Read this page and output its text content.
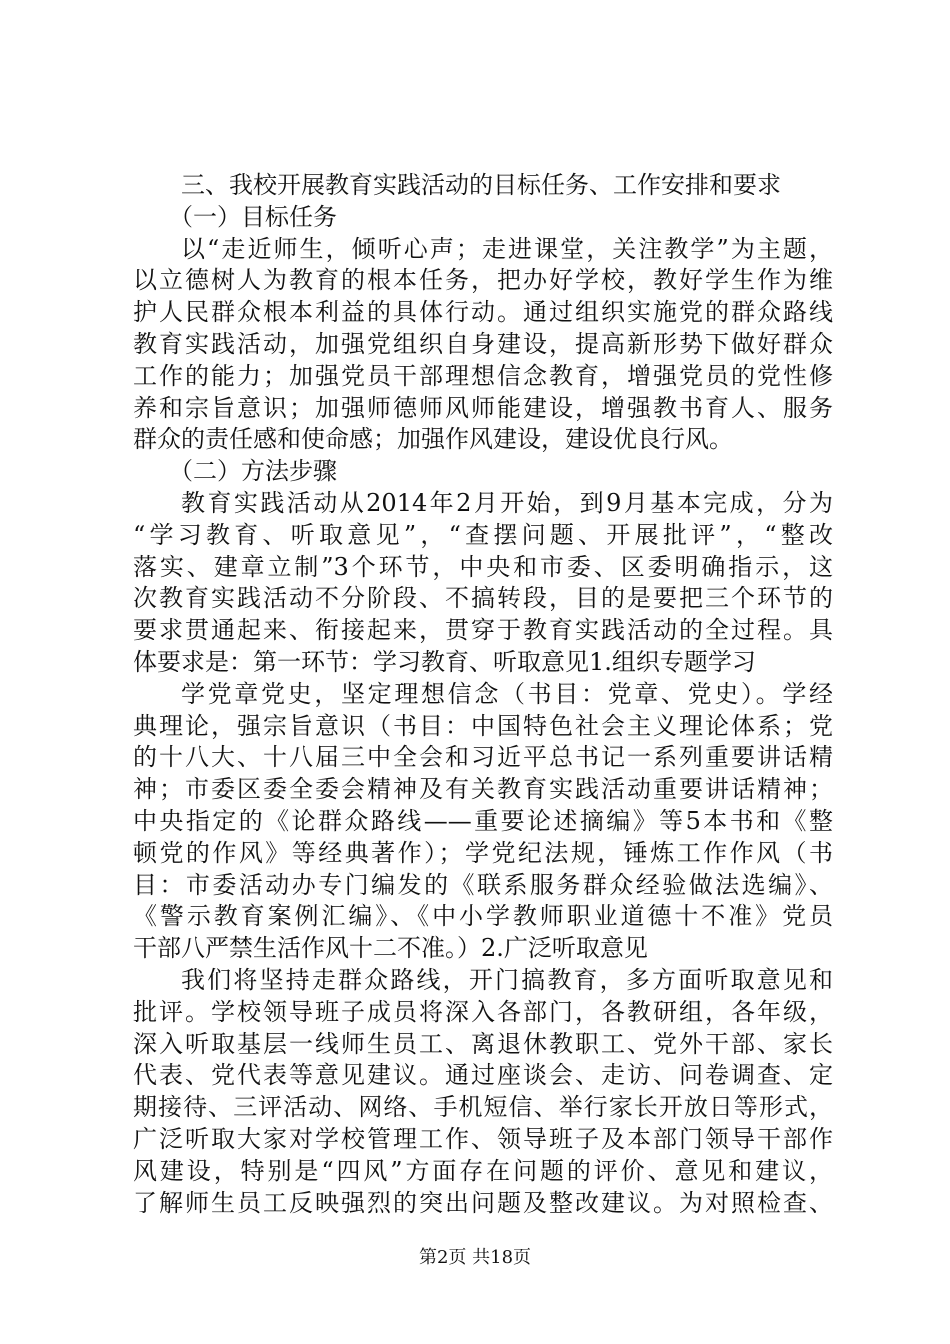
三、我校开展教育实践活动的目标任务、工作安排和要求
（一）目标任务
以“走近师生，倾听心声；走进课堂，关注教学”为主题，
以立德树人为教育的根本任务，把办好学校，教好学生作为维
护人民群众根本利益的具体行动。通过组织实施党的群众路线
教育实践活动，加强党组织自身建设，提高新形势下做好群众
工作的能力；加强党员干部理想信念教育，增强党员的党性修
养和宗旨意识；加强师德师风师能建设，增强教书育人、服务
群众的责任感和使命感；加强作风建设，建设优良行风。
（二）方法步骤
教育实践活动从2014年2月开始，到9月基本完成，分为
“学习教育、听取意见”，“查摆问题、开展批评”，“整改
落实、建章立制”3个环节，中央和市委、区委明确指示，这
次教育实践活动不分阶段、不搞转段，目的是要把三个环节的
要求贯通起来、衔接起来，贯穿于教育实践活动的全过程。具
体要求是：第一环节：学习教育、听取意见1.组织专题学习
学党章党史，坚定理想信念（书目：党章、党史）。学经
典理论，强宗旨意识（书目：中国特色社会主义理论体系；党
的十八大、十八届三中全会和习近平总书记一系列重要讲话精
神；市委区委全委会精神及有关教育实践活动重要讲话精神；
中央指定的《论群众路线——重要论述摘编》等5本书和《整
顿党的作风》等经典著作）；学党纪法规，锤炼工作作风（书
目：市委活动办专门编发的《联系服务群众经验做法选编》、
《警示教育案例汇编》、《中小学教师职业道德十不准》党员
干部八严禁生活作风十二不准。）2.广泛听取意见
我们将坚持走群众路线，开门搞教育，多方面听取意见和
批评。学校领导班子成员将深入各部门，各教研组，各年级，
深入听取基层一线师生员工、离退休教职工、党外干部、家长
代表、党代表等意见建议。通过座谈会、走访、问卷调查、定
期接待、三评活动、网络、手机短信、举行家长开放日等形式，
广泛听取大家对学校管理工作、领导班子及本部门领导干部作
风建设，特别是“四风”方面存在问题的评价、意见和建议，
了解师生员工反映强烈的突出问题及整改建议。为对照检查、
第2页 共18页
